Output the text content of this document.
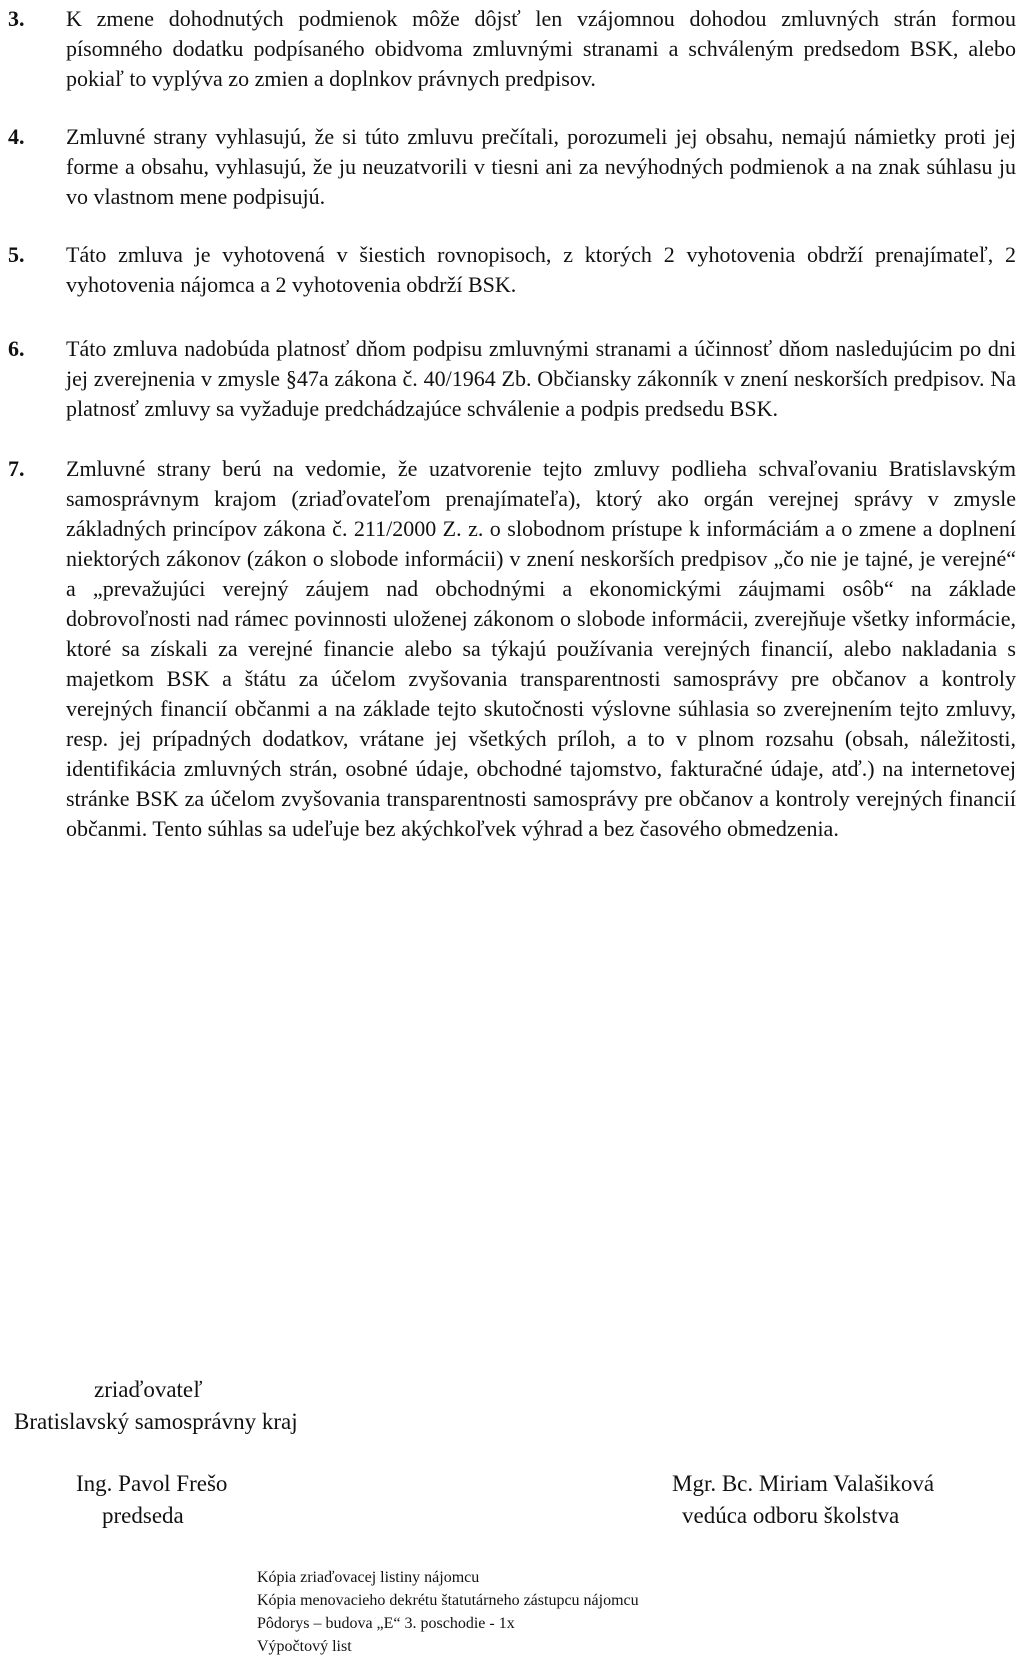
3. K zmene dohodnutých podmienok môže dôjsť len vzájomnou dohodou zmluvných strán formou písomného dodatku podpísaného obidvoma zmluvnými stranami a schváleným predsedom BSK, alebo pokiaľ to vyplýva zo zmien a doplnkov právnych predpisov.
4. Zmluvné strany vyhlasujú, že si túto zmluvu prečítali, porozumeli jej obsahu, nemajú námietky proti jej forme a obsahu, vyhlasujú, že ju neuzatvorili v tiesni ani za nevýhodných podmienok a na znak súhlasu ju vo vlastnom mene podpisujú.
5. Táto zmluva je vyhotovená v šiestich rovnopisoch, z ktorých 2 vyhotovenia obdrží prenajímateľ, 2 vyhotovenia nájomca a 2 vyhotovenia obdrží BSK.
6. Táto zmluva nadobúda platnosť dňom podpisu zmluvnými stranami a účinnosť dňom nasledujúcim po dni jej zverejnenia v zmysle §47a zákona č. 40/1964 Zb. Občiansky zákonník v znení neskorších predpisov. Na platnosť zmluvy sa vyžaduje predchádzajúce schválenie a podpis predsedu BSK.
7. Zmluvné strany berú na vedomie, že uzatvorenie tejto zmluvy podlieha schvaľovaniu Bratislavským samosprávnym krajom (zriaďovateľom prenajímateľa), ktorý ako orgán verejnej správy v zmysle základných princípov zákona č. 211/2000 Z. z. o slobodnom prístupe k informáciám a o zmene a doplnení niektorých zákonov (zákon o slobode informácii) v znení neskorších predpisov „čo nie je tajné, je verejné“ a „prevažujúci verejný záujem nad obchodnými a ekonomickými záujmami osôb“ na základe dobrovoľnosti nad rámec povinnosti uloženej zákonom o slobode informácii, zverejňuje všetky informácie, ktoré sa získali za verejné financie alebo sa týkajú používania verejných financií, alebo nakladania s majetkom BSK a štátu za účelom zvyšovania transparentnosti samosprávy pre občanov a kontroly verejných financií občanmi a na základe tejto skutočnosti výslovne súhlasia so zverejnením tejto zmluvy, resp. jej prípadných dodatkov, vrátane jej všetkých príloh, a to v plnom rozsahu (obsah, náležitosti, identifikácia zmluvných strán, osobné údaje, obchodné tajomstvo, fakturačné údaje, atď.) na internetovej stránke BSK za účelom zvyšovania transparentnosti samosprávy pre občanov a kontroly verejných financií občanmi. Tento súhlas sa udeľuje bez akýchkoľvek výhrad a bez časového obmedzenia.
zriaďovateľ
Bratislavský samosprávny kraj
Ing. Pavol Frešo
predseda
Mgr. Bc. Miriam Valašiková
vedúca odboru školstva
Kópia zriaďovacej listiny nájomcu
Kópia menovacieho dekrétu štatutárneho zástupcu nájomcu
Pôdorys – budova „E“ 3. poschodie - 1x
Výpočtový list
